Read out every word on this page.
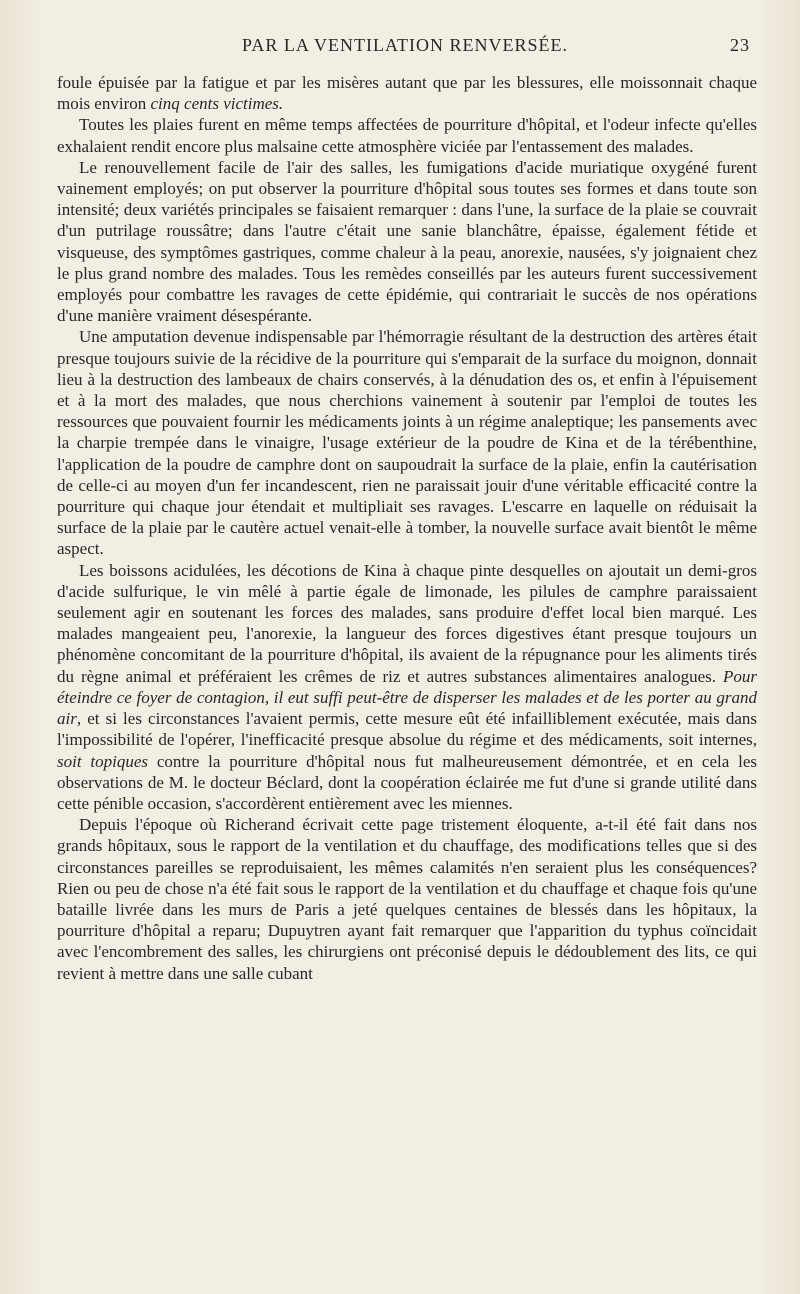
PAR LA VENTILATION RENVERSÉE.	23

foule épuisée par la fatigue et par les misères autant que par les blessures, elle moissonnait chaque mois environ cinq cents victimes.

Toutes les plaies furent en même temps affectées de pourriture d'hôpital, et l'odeur infecte qu'elles exhalaient rendit encore plus malsaine cette atmosphère viciée par l'entassement des malades.

Le renouvellement facile de l'air des salles, les fumigations d'acide muriatique oxygéné furent vainement employés; on put observer la pourriture d'hôpital sous toutes ses formes et dans toute son intensité; deux variétés principales se faisaient remarquer : dans l'une, la surface de la plaie se couvrait d'un putrilage roussâtre; dans l'autre c'était une sanie blanchâtre, épaisse, également fétide et visqueuse, des symptômes gastriques, comme chaleur à la peau, anorexie, nausées, s'y joignaient chez le plus grand nombre des malades. Tous les remèdes conseillés par les auteurs furent successivement employés pour combattre les ravages de cette épidémie, qui contrariait le succès de nos opérations d'une manière vraiment désespérante.

Une amputation devenue indispensable par l'hémorragie résultant de la destruction des artères était presque toujours suivie de la récidive de la pourriture qui s'emparait de la surface du moignon, donnait lieu à la destruction des lambeaux de chairs conservés, à la dénudation des os, et enfin à l'épuisement et à la mort des malades, que nous cherchions vainement à soutenir par l'emploi de toutes les ressources que pouvaient fournir les médicaments joints à un régime analeptique; les pansements avec la charpie trempée dans le vinaigre, l'usage extérieur de la poudre de Kina et de la térébenthine, l'application de la poudre de camphre dont on saupoudrait la surface de la plaie, enfin la cautérisation de celle-ci au moyen d'un fer incandescent, rien ne paraissait jouir d'une véritable efficacité contre la pourriture qui chaque jour étendait et multipliait ses ravages. L'escarre en laquelle on réduisait la surface de la plaie par le cautère actuel venait-elle à tomber, la nouvelle surface avait bientôt le même aspect.

Les boissons acidulées, les décotions de Kina à chaque pinte desquelles on ajoutait un demi-gros d'acide sulfurique, le vin mêlé à partie égale de limonade, les pilules de camphre paraissaient seulement agir en soutenant les forces des malades, sans produire d'effet local bien marqué. Les malades mangeaient peu, l'anorexie, la langueur des forces digestives étant presque toujours un phénomène concomitant de la pourriture d'hôpital, ils avaient de la répugnance pour les aliments tirés du règne animal et préféraient les crêmes de riz et autres substances alimentaires analogues. Pour éteindre ce foyer de contagion, il eut suffi peut-être de disperser les malades et de les porter au grand air, et si les circonstances l'avaient permis, cette mesure eût été infailliblement exécutée, mais dans l'impossibilité de l'opérer, l'inefficacité presque absolue du régime et des médicaments, soit internes, soit topiques contre la pourriture d'hôpital nous fut malheureusement démontrée, et en cela les observations de M. le docteur Béclard, dont la coopération éclairée me fut d'une si grande utilité dans cette pénible occasion, s'accordèrent entièrement avec les miennes.

Depuis l'époque où Richerand écrivait cette page tristement éloquente, a-t-il été fait dans nos grands hôpitaux, sous le rapport de la ventilation et du chauffage, des modifications telles que si des circonstances pareilles se reproduisaient, les mêmes calamités n'en seraient plus les conséquences? Rien ou peu de chose n'a été fait sous le rapport de la ventilation et du chauffage et chaque fois qu'une bataille livrée dans les murs de Paris a jeté quelques centaines de blessés dans les hôpitaux, la pourriture d'hôpital a reparu; Dupuytren ayant fait remarquer que l'apparition du typhus coïncidait avec l'encombrement des salles, les chirurgiens ont préconisé depuis le dédoublement des lits, ce qui revient à mettre dans une salle cubant
